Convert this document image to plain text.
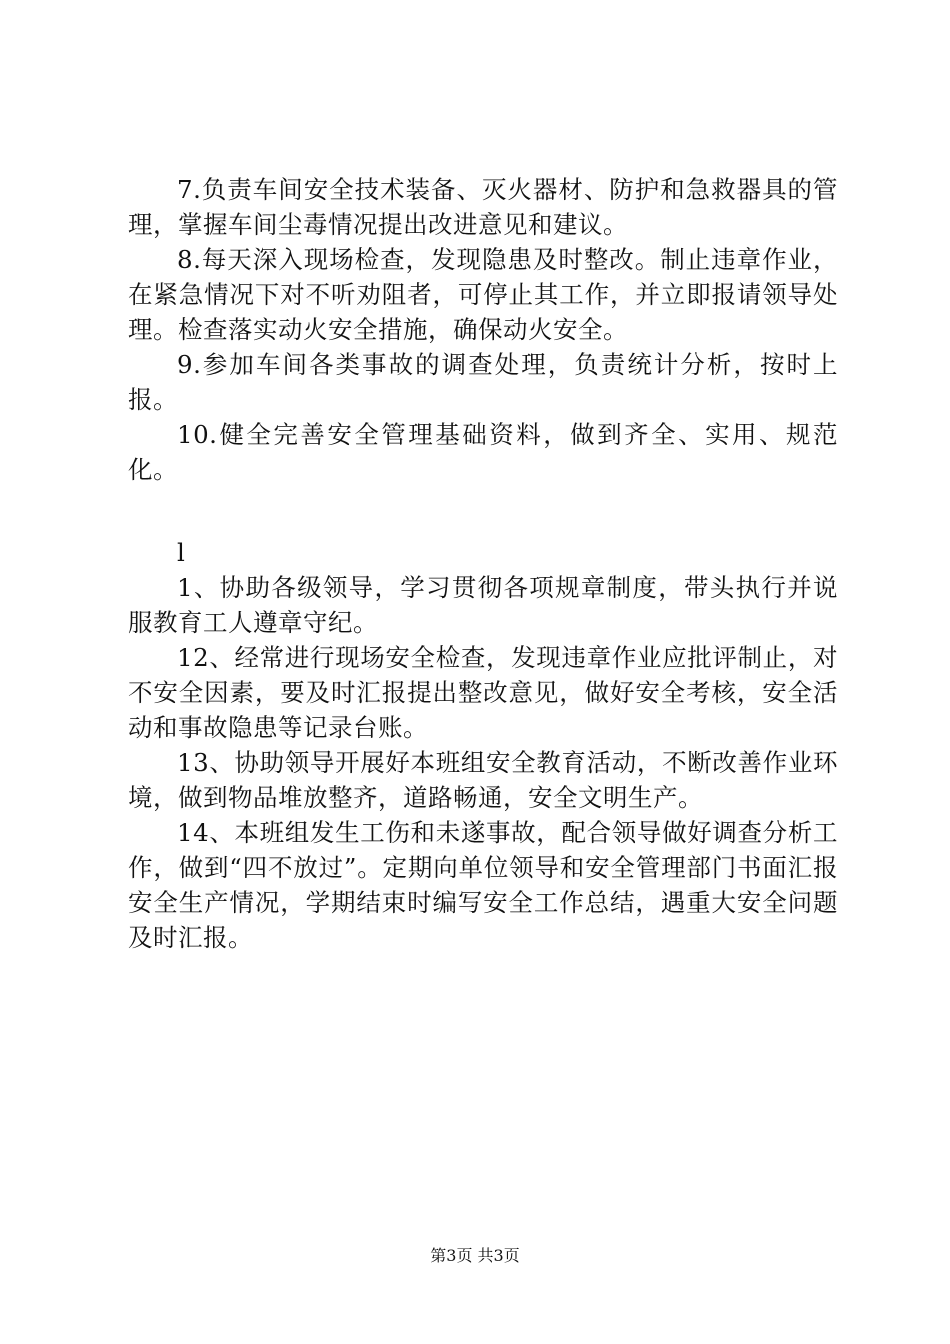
7.负责车间安全技术装备、灭火器材、防护和急救器具的管理，掌握车间尘毒情况提出改进意见和建议。

8.每天深入现场检查，发现隐患及时整改。制止违章作业，在紧急情况下对不听劝阻者，可停止其工作，并立即报请领导处理。检查落实动火安全措施，确保动火安全。

9.参加车间各类事故的调查处理，负责统计分析，按时上报。

10.健全完善安全管理基础资料，做到齐全、实用、规范化。

l

1、协助各级领导，学习贯彻各项规章制度，带头执行并说服教育工人遵章守纪。

12、经常进行现场安全检查，发现违章作业应批评制止，对不安全因素，要及时汇报提出整改意见，做好安全考核，安全活动和事故隐患等记录台账。

13、协助领导开展好本班组安全教育活动，不断改善作业环境，做到物品堆放整齐，道路畅通，安全文明生产。

14、本班组发生工伤和未遂事故，配合领导做好调查分析工作，做到“四不放过”。定期向单位领导和安全管理部门书面汇报安全生产情况，学期结束时编写安全工作总结，遇重大安全问题及时汇报。

第3页 共3页
